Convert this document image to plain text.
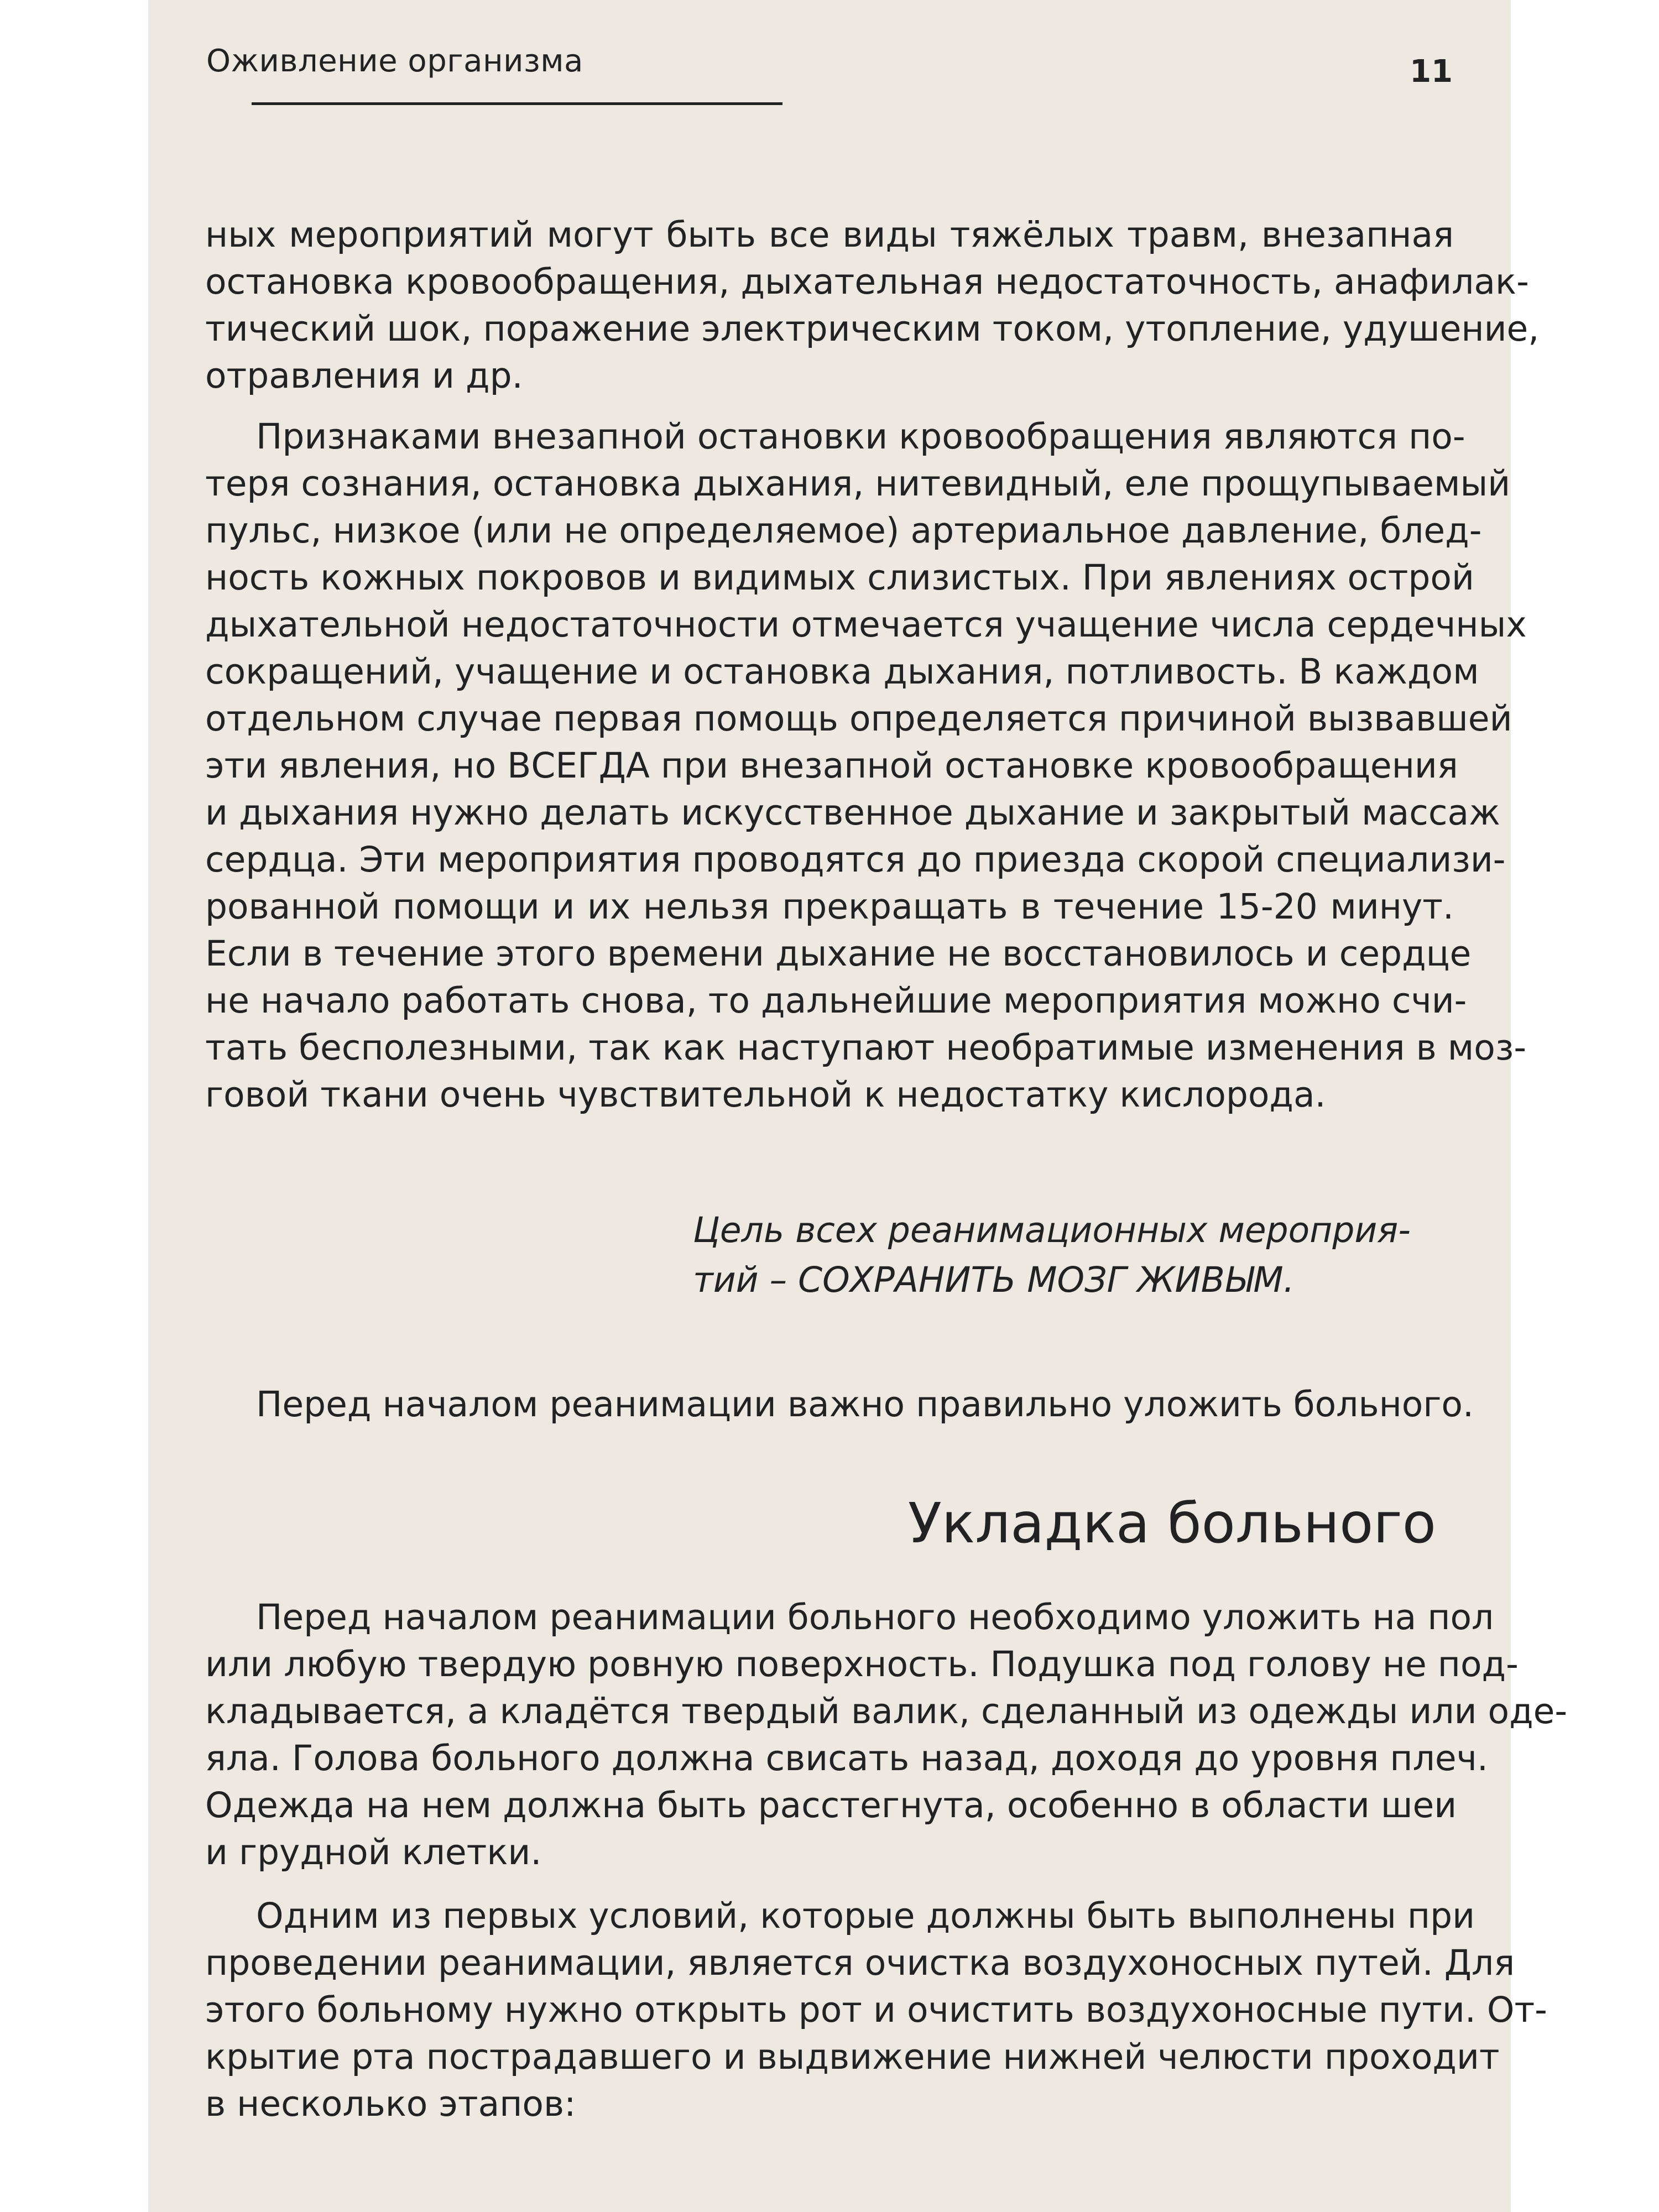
Оживление организма	11
ных мероприятий могут быть все виды тяжёлых травм, внезапная
остановка кровообращения, дыхательная недостаточность, анафилак-
тический шок, поражение электрическим током, утопление, удушение,
отравления и др.
Признаками внезапной остановки кровообращения являются по-
теря сознания, остановка дыхания, нитевидный, еле прощупываемый
пульс, низкое (или не определяемое) артериальное давление, блед-
ность кожных покровов и видимых слизистых. При явлениях острой
дыхательной недостаточности отмечается учащение числа сердечных
сокращений, учащение и остановка дыхания, потливость. В каждом
отдельном случае первая помощь определяется причиной вызвавшей
эти явления, но ВСЕГДА при внезапной остановке кровообращения
и дыхания нужно делать искусственное дыхание и закрытый массаж
сердца. Эти мероприятия проводятся до приезда скорой специализи-
рованной помощи и их нельзя прекращать в течение 15-20 минут.
Если в течение этого времени дыхание не восстановилось и сердце
не начало работать снова, то дальнейшие мероприятия можно счи-
тать бесполезными, так как наступают необратимые изменения в моз-
говой ткани очень чувствительной к недостатку кислорода.
Цель всех реанимационных мероприя-
тий – СОХРАНИТЬ МОЗГ ЖИВЫМ.
Перед началом реанимации важно правильно уложить больного.
Укладка больного
Перед началом реанимации больного необходимо уложить на пол
или любую твердую ровную поверхность. Подушка под голову не под-
кладывается, а кладётся твердый валик, сделанный из одежды или оде-
яла. Голова больного должна свисать назад, доходя до уровня плеч.
Одежда на нем должна быть расстегнута, особенно в области шеи
и грудной клетки.
Одним из первых условий, которые должны быть выполнены при
проведении реанимации, является очистка воздухоносных путей. Для
этого больному нужно открыть рот и очистить воздухоносные пути. От-
крытие рта пострадавшего и выдвижение нижней челюсти проходит
в несколько этапов:
